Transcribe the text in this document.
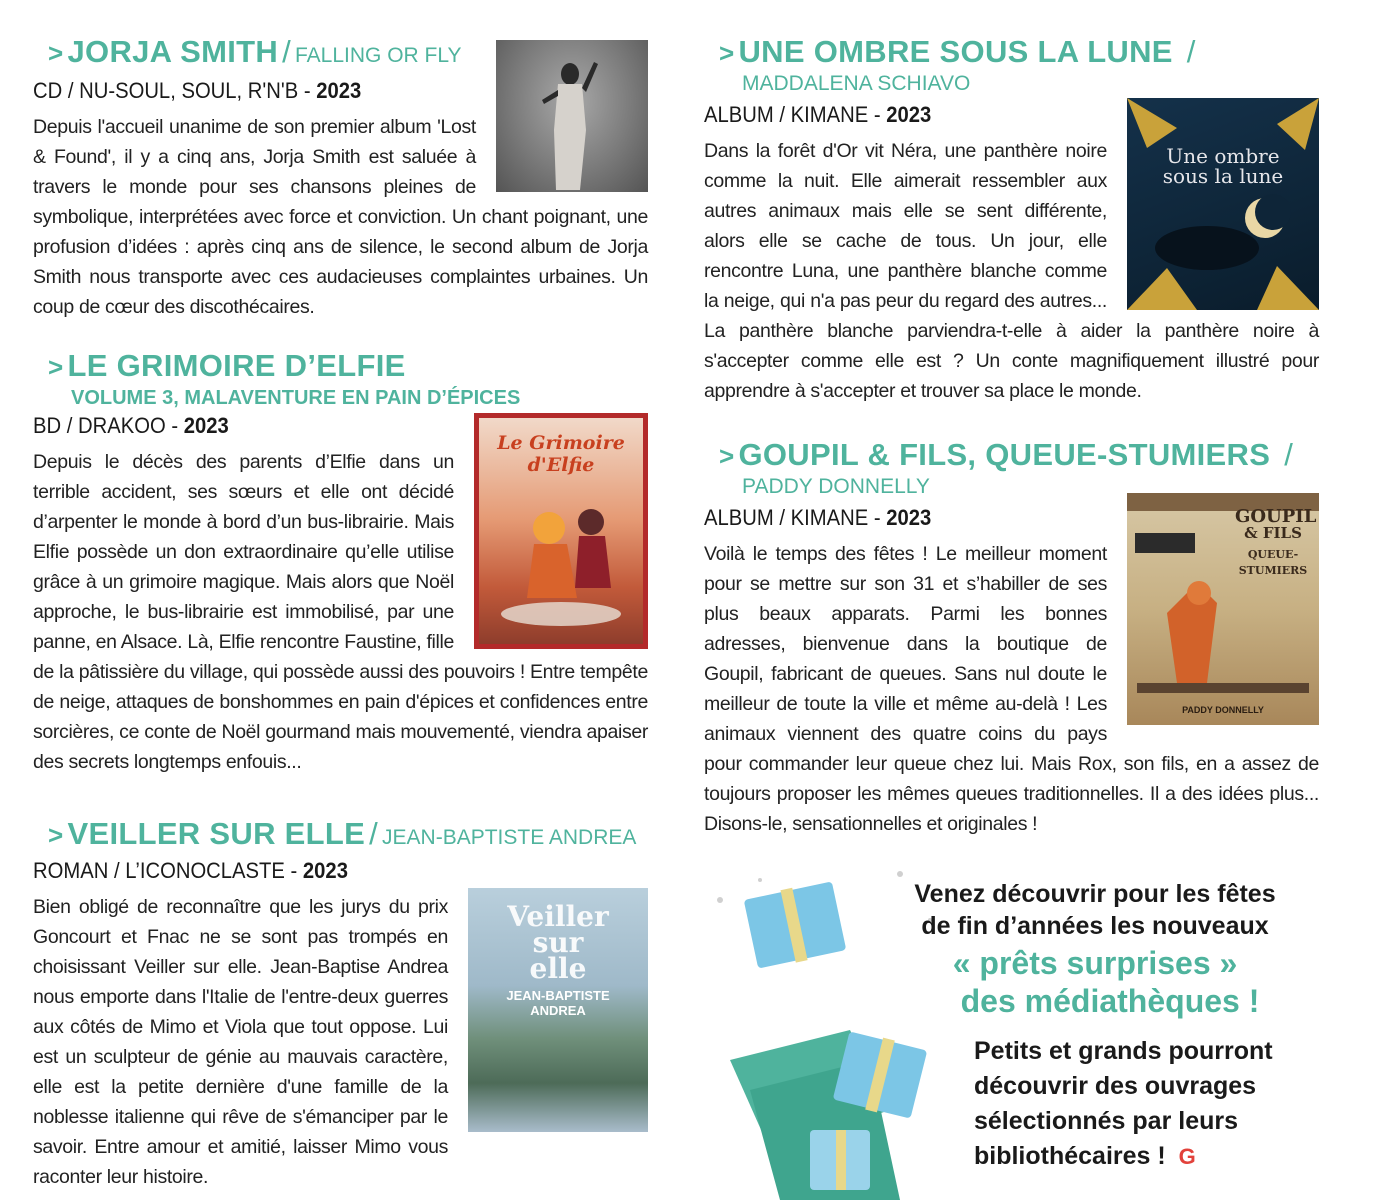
> JORJA SMITH / FALLING OR FLY
CD / NU-SOUL, SOUL, R'N'B - 2023

Depuis l'accueil unanime de son premier album 'Lost & Found', il y a cinq ans, Jorja Smith est saluée à travers le monde pour ses chansons pleines de symbolique, interprétées avec force et conviction. Un chant poignant, une profusion d’idées : après cinq ans de silence, le second album de Jorja Smith nous transporte avec ces audacieuses complaintes urbaines. Un coup de cœur des discothécaires.

> LE GRIMOIRE D’ELFIE
VOLUME 3, MALAVENTURE EN PAIN D’ÉPICES
Le Grimoire d'Elfie
BD / DRAKOO - 2023

Depuis le décès des parents d’Elfie dans un terrible accident, ses sœurs et elle ont décidé d’arpenter le monde à bord d’un bus-librairie. Mais Elfie possède un don extraordinaire qu’elle utilise grâce à un grimoire magique. Mais alors que Noël approche, le bus-librairie est immobilisé, par une panne, en Alsace. Là, Elfie rencontre Faustine, fille de la pâtissière du village, qui possède aussi des pouvoirs ! Entre tempête de neige, attaques de bonshommes en pain d'épices et confidences entre sorcières, ce conte de Noël gourmand mais mouvementé, viendra apaiser des secrets longtemps enfouis...

> VEILLER SUR ELLE / JEAN-BAPTISTE ANDREA
ROMAN / L’ICONOCLASTE - 2023
Veiller
sur
elle
JEAN-BAPTISTE
ANDREA

Bien obligé de reconnaître que les jurys du prix Goncourt et Fnac ne se sont pas trompés en choisissant Veiller sur elle. Jean-Baptise Andrea nous emporte dans l'Italie de l'entre-deux guerres aux côtés de Mimo et Viola que tout oppose. Lui est un sculpteur de génie au mauvais caractère, elle est la petite dernière d'une famille de la noblesse italienne qui rêve de s'émanciper par le savoir. Entre amour et amitié, laisser Mimo vous raconter leur histoire.

> UNE OMBRE SOUS LA LUNE /
MADDALENA SCHIAVO
ALBUM / KIMANE - 2023
Une ombre
sous la lune

Dans la forêt d'Or vit Néra, une panthère noire comme la nuit. Elle aimerait ressembler aux autres animaux mais elle se sent différente, alors elle se cache de tous. Un jour, elle rencontre Luna, une panthère blanche comme la neige, qui n'a pas peur du regard des autres... La panthère blanche parviendra-t-elle à aider la panthère noire à s'accepter comme elle est ? Un conte magnifiquement illustré pour apprendre à s'accepter et trouver sa place le monde.

> GOUPIL & FILS, QUEUE-STUMIERS /
PADDY DONNELLY
ALBUM / KIMANE - 2023	GOUPIL
& FILS
QUEUE-
STUMIERS
PADDY DONNELLY

Voilà le temps des fêtes ! Le meilleur moment pour se mettre sur son 31 et s’habiller de ses plus beaux apparats. Parmi les bonnes adresses, bienvenue dans la boutique de Goupil, fabricant de queues. Sans nul doute le meilleur de toute la ville et même au-delà ! Les animaux viennent des quatre coins du pays pour commander leur queue chez lui. Mais Rox, son fils, en a assez de toujours proposer les mêmes queues traditionnelles. Il a des idées plus... Disons-le, sensationnelles et originales !

Venez découvrir pour les fêtes
de fin d’années les nouveaux
« prêts surprises »
des médiathèques !
Petits et grands pourront
découvrir des ouvrages
sélectionnés par leurs
bibliothécaires ! G
